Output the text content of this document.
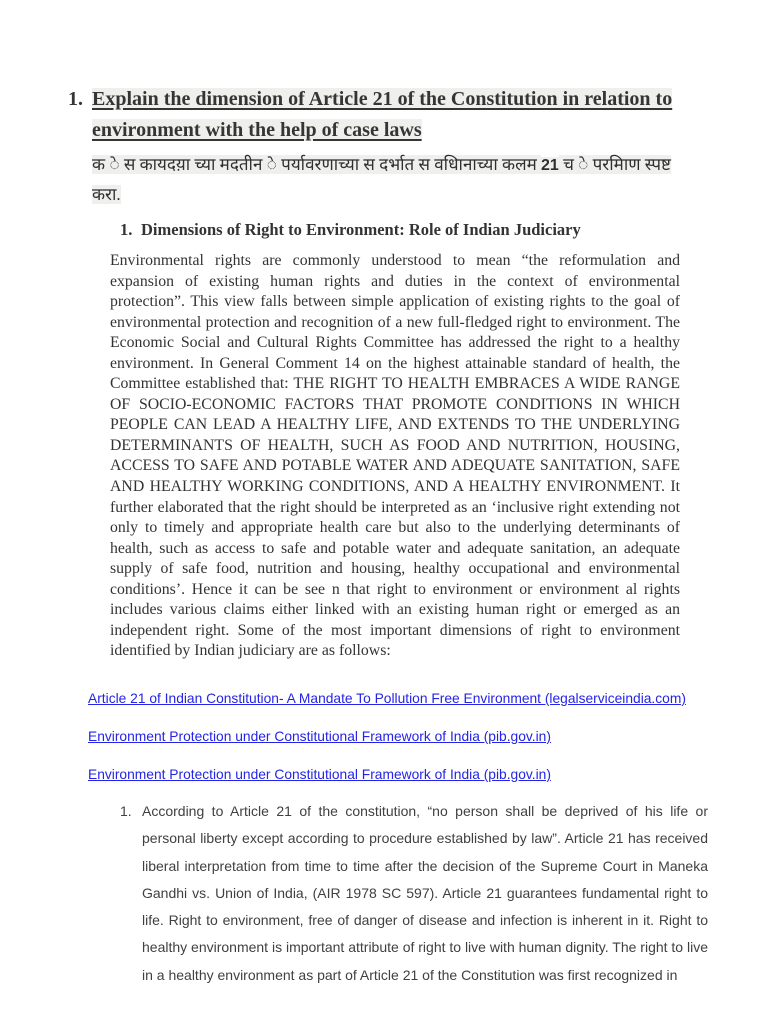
1. Explain the dimension of Article 21 of the Constitution in relation to environment with the help of case laws
क े स कायदय़ा च्या मदतीन े पर्यावरणाच्या स दर्भात स वधिानाच्या कलम 21 च े परमिाण स्पष्ट करा.
1. Dimensions of Right to Environment: Role of Indian Judiciary
Environmental rights are commonly understood to mean “the reformulation and expansion of existing human rights and duties in the context of environmental protection”. This view falls between simple application of existing rights to the goal of environmental protection and recognition of a new full-fledged right to environment. The Economic Social and Cultural Rights Committee has addressed the right to a healthy environment. In General Comment 14 on the highest attainable standard of health, the Committee established that: THE RIGHT TO HEALTH EMBRACES A WIDE RANGE OF SOCIO-ECONOMIC FACTORS THAT PROMOTE CONDITIONS IN WHICH PEOPLE CAN LEAD A HEALTHY LIFE, AND EXTENDS TO THE UNDERLYING DETERMINANTS OF HEALTH, SUCH AS FOOD AND NUTRITION, HOUSING, ACCESS TO SAFE AND POTABLE WATER AND ADEQUATE SANITATION, SAFE AND HEALTHY WORKING CONDITIONS, AND A HEALTHY ENVIRONMENT. It further elaborated that the right should be interpreted as an ‘inclusive right extending not only to timely and appropriate health care but also to the underlying determinants of health, such as access to safe and potable water and adequate sanitation, an adequate supply of safe food, nutrition and housing, healthy occupational and environmental conditions’. Hence it can be see n that right to environment or environment al rights includes various claims either linked with an existing human right or emerged as an independent right. Some of the most important dimensions of right to environment identified by Indian judiciary are as follows:
Article 21 of Indian Constitution- A Mandate To Pollution Free Environment (legalserviceindia.com)
Environment Protection under Constitutional Framework of India (pib.gov.in)
Environment Protection under Constitutional Framework of India (pib.gov.in)
1. According to Article 21 of the constitution, “no person shall be deprived of his life or personal liberty except according to procedure established by law”. Article 21 has received liberal interpretation from time to time after the decision of the Supreme Court in Maneka Gandhi vs. Union of India, (AIR 1978 SC 597). Article 21 guarantees fundamental right to life. Right to environment, free of danger of disease and infection is inherent in it. Right to healthy environment is important attribute of right to live with human dignity. The right to live in a healthy environment as part of Article 21 of the Constitution was first recognized in
